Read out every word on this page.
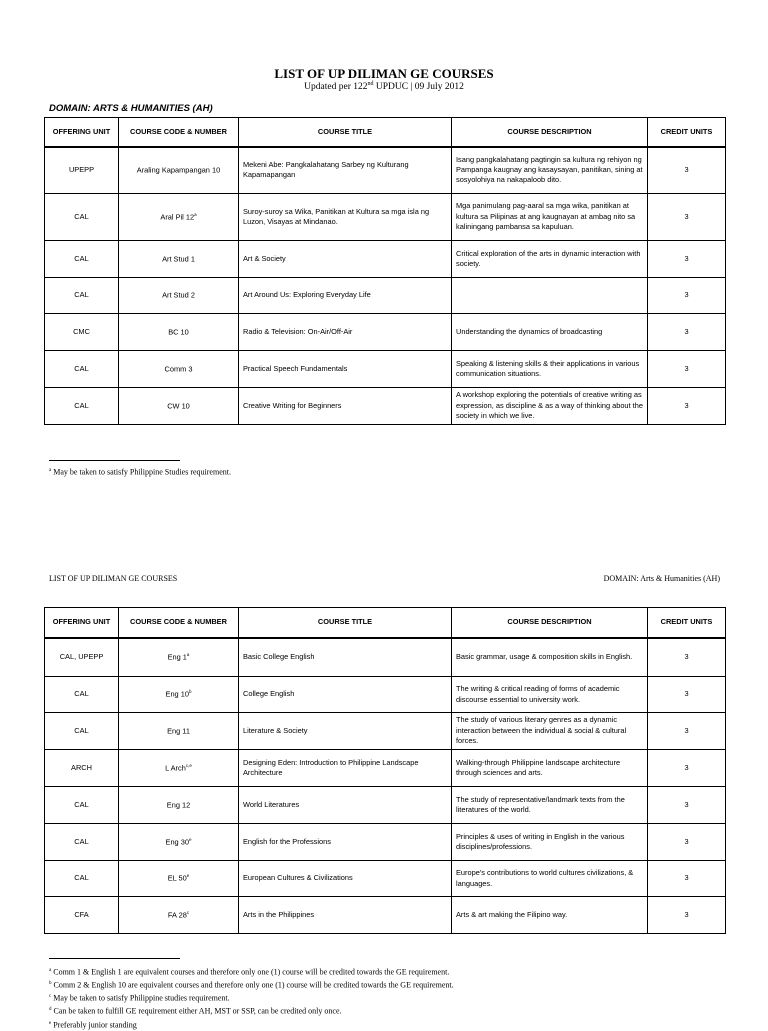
LIST OF UP DILIMAN GE COURSES
Updated per 122nd UPDUC | 09 July 2012
DOMAIN: ARTS & HUMANITIES (AH)
OFFERING UNIT	COURSE CODE & NUMBER	COURSE TITLE	COURSE DESCRIPTION	CREDIT UNITS
UPEPP	Araling Kapampangan 10	Mekeni Abe: Pangkalahatang Sarbey ng Kulturang Kapamapangan	Isang pangkalahatang pagtingin sa kultura ng rehiyon ng Pampanga kaugnay ang kasaysayan, panitikan, sining at sosyolohiya na nakapaloob dito.	3
CAL	Aral Pil 12$^a$	Suroy-suroy sa Wika, Panitikan at Kultura sa mga isla ng Luzon, Visayas at Mindanao.	Mga panimulang pag-aaral sa mga wika, panitikan at kultura sa Pilipinas at ang kaugnayan at ambag nito sa kaliningang pambansa sa kapuluan.	3
CAL	Art Stud 1	Art & Society	Critical exploration of the arts in dynamic interaction with society.	3
CAL	Art Stud 2	Art Around Us: Exploring Everyday Life		3
CMC	BC 10	Radio & Television: On-Air/Off-Air	Understanding the dynamics of broadcasting	3
CAL	Comm 3	Practical Speech Fundamentals	Speaking & listening skills & their applications in various communication situations.	3
CAL	CW 10	Creative Writing for Beginners	A workshop exploring the potentials of creative writing as expression, as discipline & as a way of thinking about the society in which we live.	3
$^a$ May be taken to satisfy Philippine Studies requirement.
LIST OF UP DILIMAN GE COURSES	DOMAIN: Arts & Humanities (AH)
OFFERING UNIT	COURSE CODE & NUMBER	COURSE TITLE	COURSE DESCRIPTION	CREDIT UNITS
CAL, UPEPP	Eng 1$^a$	Basic College English	Basic grammar, usage & composition skills in English.	3
CAL	Eng 10$^b$	College English	The writing & critical reading of forms of academic discourse essential to university work.	3
CAL	Eng 11	Literature & Society	The study of various literary genres as a dynamic interaction between the individual & social & cultural forces.	3
ARCH	L Arch$^{c,e}$	Designing Eden: Introduction to Philippine Landscape Architecture	Walking-through Philippine landscape architecture through sciences and arts.	3
CAL	Eng 12	World Literatures	The study of representative/landmark texts from the literatures of the world.	3
CAL	Eng 30e	English for the Professions	Principles & uses of writing in English in the various disciplines/professions.	3
CAL	EL 50e	European Cultures & Civilizations	Europe's contributions to world cultures civilizations, & languages.	3
CFA	FA 28$^c$	Arts in the Philippines	Arts & art making the Filipino way.	3
$^a$ Comm 1 & English 1 are equivalent courses and therefore only one (1) course will be credited towards the GE requirement.
$^b$ Comm 2 & English 10 are equivalent courses and therefore only one (1) course will be credited towards the GE requirement.
$^c$ May be taken to satisfy Philippine studies requirement.
$^d$ Can be taken to fulfill GE requirement either AH, MST or SSP, can be credited only once.
$^e$ Preferably junior standing
